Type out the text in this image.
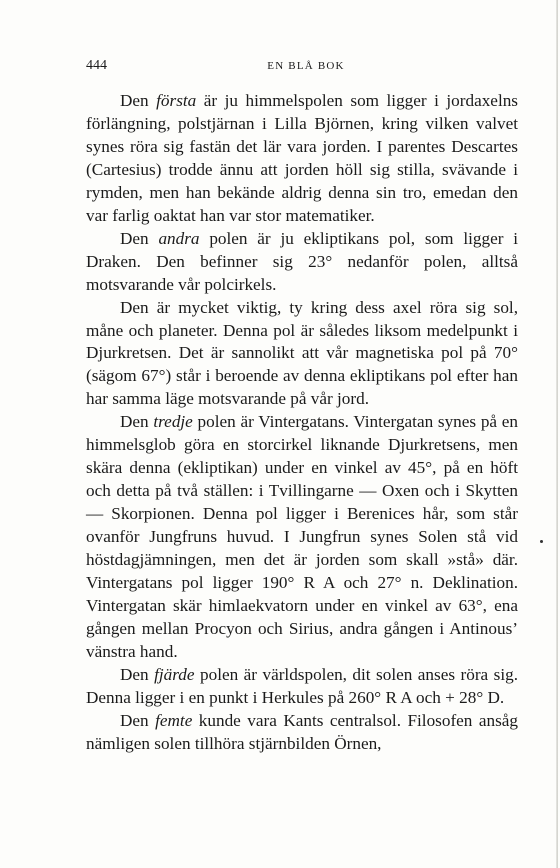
444	EN BLÅ BOK

Den första är ju himmelspolen som ligger i jordaxelns förlängning, polstjärnan i Lilla Björnen, kring vilken valvet synes röra sig fastän det lär vara jorden. I parentes Descartes (Cartesius) trodde ännu att jorden höll sig stilla, svävande i rymden, men han bekände aldrig denna sin tro, emedan den var farlig oaktat han var stor matematiker.

Den andra polen är ju ekliptikans pol, som ligger i Draken. Den befinner sig 23° nedanför polen, alltså motsvarande vår polcirkels.

Den är mycket viktig, ty kring dess axel röra sig sol, måne och planeter. Denna pol är således liksom medelpunkt i Djurkretsen. Det är sannolikt att vår magnetiska pol på 70° (sägom 67°) står i beroende av denna ekliptikans pol efter han har samma läge motsvarande på vår jord.

Den tredje polen är Vintergatans. Vintergatan synes på en himmelsglob göra en storcirkel liknande Djurkretsens, men skära denna (ekliptikan) under en vinkel av 45°, på en höft och detta på två ställen: i Tvillingarne — Oxen och i Skytten — Skorpionen. Denna pol ligger i Berenices hår, som står ovanför Jungfruns huvud. I Jungfrun synes Solen stå vid höstdagjämningen, men det är jorden som skall »stå» där. Vintergatans pol ligger 190° R A och 27° n. Deklination. Vintergatan skär himlaekvatorn under en vinkel av 63°, ena gången mellan Procyon och Sirius, andra gången i Antinous’ vänstra hand.

Den fjärde polen är världspolen, dit solen anses röra sig. Denna ligger i en punkt i Herkules på 260° R A och + 28° D.

Den femte kunde vara Kants centralsol. Filosofen ansåg nämligen solen tillhöra stjärnbilden Örnen,
